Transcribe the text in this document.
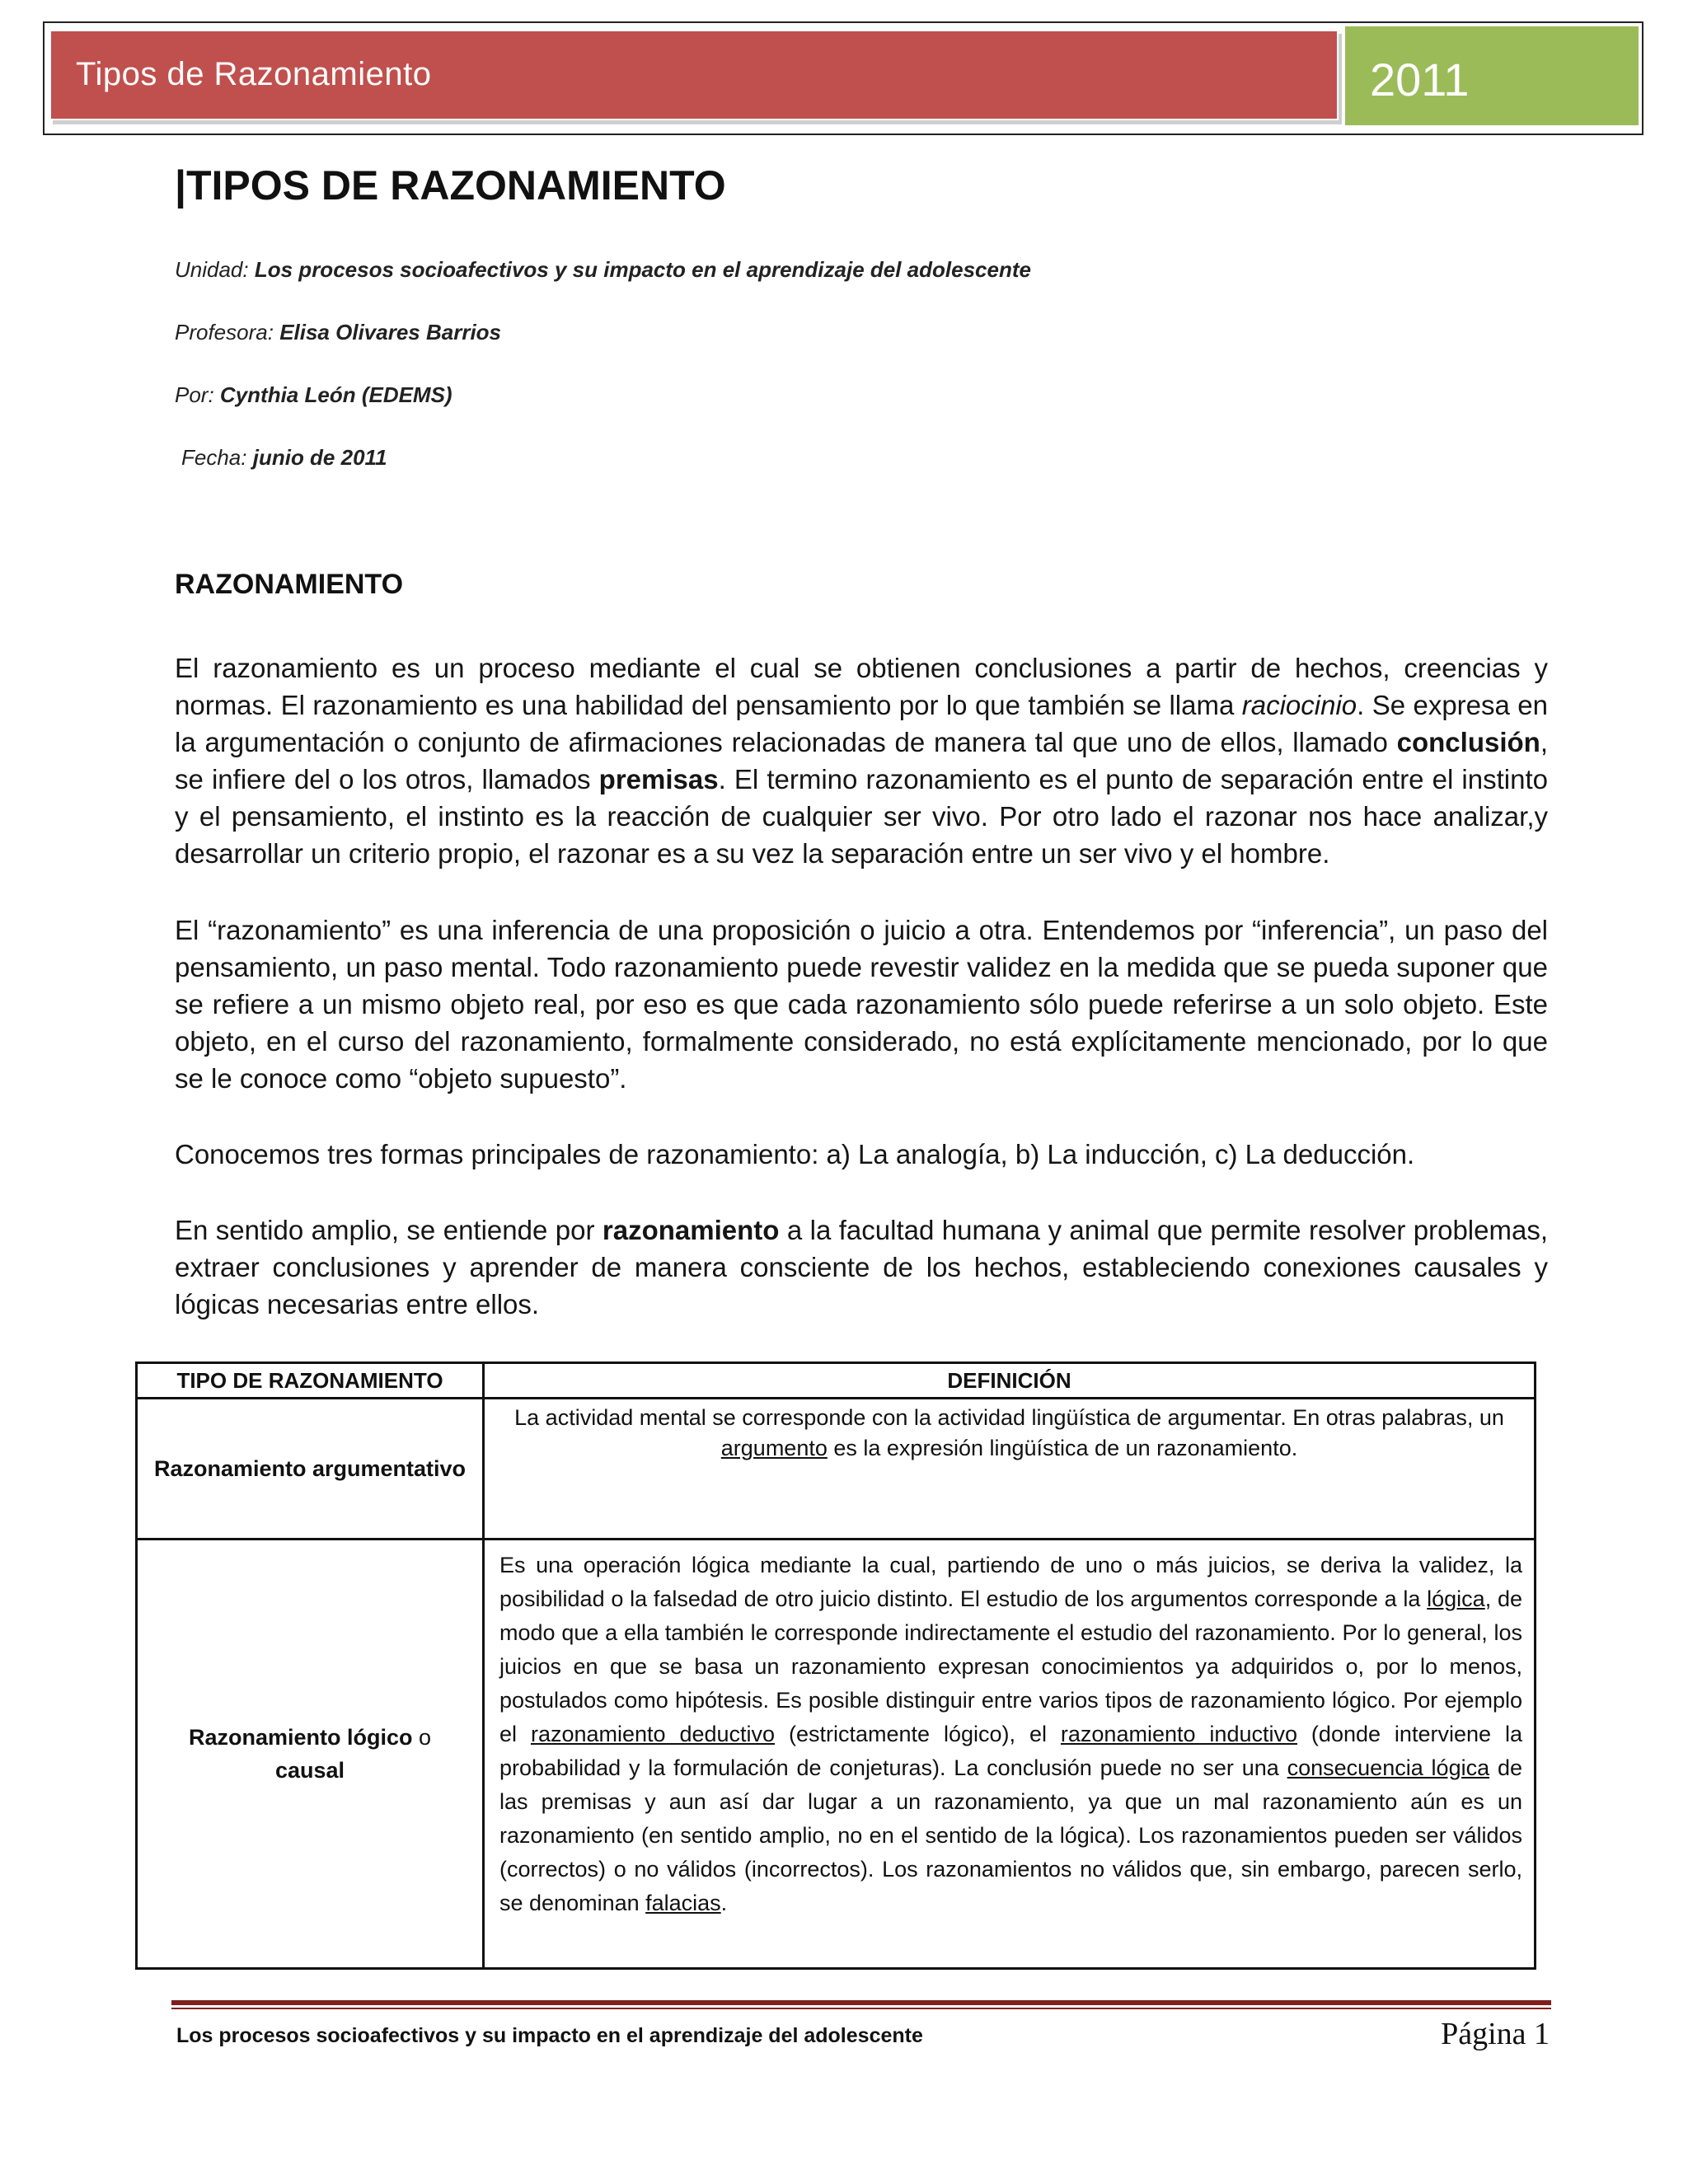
Tipos de Razonamiento	2011
|TIPOS DE RAZONAMIENTO
Unidad: Los procesos socioafectivos y su impacto en el aprendizaje del adolescente
Profesora: Elisa Olivares Barrios
Por: Cynthia León (EDEMS)
Fecha: junio de 2011
RAZONAMIENTO
El razonamiento es un proceso mediante el cual se obtienen conclusiones a partir de hechos, creencias y normas. El razonamiento es una habilidad del pensamiento por lo que también se llama raciocinio. Se expresa en la argumentación o conjunto de afirmaciones relacionadas de manera tal que uno de ellos, llamado conclusión, se infiere del o los otros, llamados premisas. El termino razonamiento es el punto de separación entre el instinto y el pensamiento, el instinto es la reacción de cualquier ser vivo. Por otro lado el razonar nos hace analizar,y desarrollar un criterio propio, el razonar es a su vez la separación entre un ser vivo y el hombre.
El “razonamiento” es una inferencia de una proposición o juicio a otra. Entendemos por “inferencia”, un paso del pensamiento, un paso mental. Todo razonamiento puede revestir validez en la medida que se pueda suponer que se refiere a un mismo objeto real, por eso es que cada razonamiento sólo puede referirse a un solo objeto. Este objeto, en el curso del razonamiento, formalmente considerado, no está explícitamente mencionado, por lo que se le conoce como “objeto supuesto”.
Conocemos tres formas principales de razonamiento: a) La analogía, b) La inducción, c) La deducción.
En sentido amplio, se entiende por razonamiento a la facultad humana y animal que permite resolver problemas, extraer conclusiones y aprender de manera consciente de los hechos, estableciendo conexiones causales y lógicas necesarias entre ellos.
TIPO DE RAZONAMIENTO	DEFINICIÓN
Razonamiento argumentativo	La actividad mental se corresponde con la actividad lingüística de argumentar. En otras palabras, un argumento es la expresión lingüística de un razonamiento.
Razonamiento lógico o
causal	Es una operación lógica mediante la cual, partiendo de uno o más juicios, se deriva la validez, la posibilidad o la falsedad de otro juicio distinto. El estudio de los argumentos corresponde a la lógica, de modo que a ella también le corresponde indirectamente el estudio del razonamiento. Por lo general, los juicios en que se basa un razonamiento expresan conocimientos ya adquiridos o, por lo menos, postulados como hipótesis. Es posible distinguir entre varios tipos de razonamiento lógico. Por ejemplo el razonamiento deductivo (estrictamente lógico), el razonamiento inductivo (donde interviene la probabilidad y la formulación de conjeturas). La conclusión puede no ser una consecuencia lógica de las premisas y aun así dar lugar a un razonamiento, ya que un mal razonamiento aún es un razonamiento (en sentido amplio, no en el sentido de la lógica). Los razonamientos pueden ser válidos (correctos) o no válidos (incorrectos). Los razonamientos no válidos que, sin embargo, parecen serlo, se denominan falacias.
Los procesos socioafectivos y su impacto en el aprendizaje del adolescente	Página 1
